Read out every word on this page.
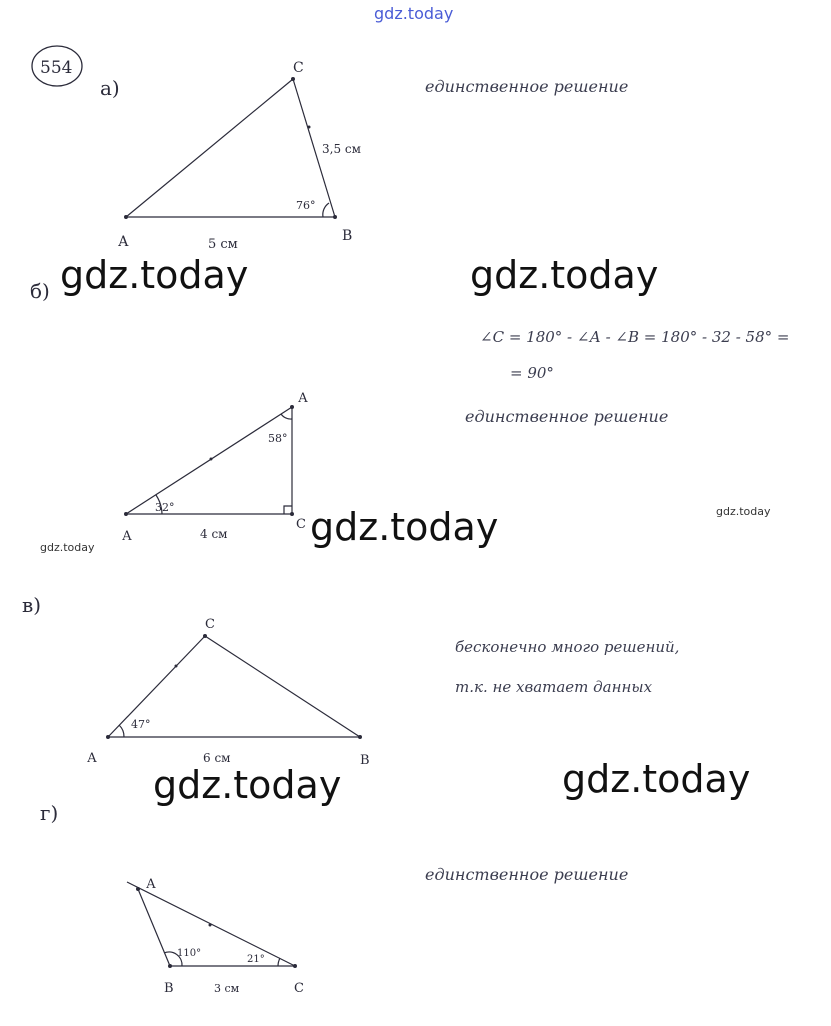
gdz.today
554
а)
А	В
С
5 см
3,5 см
76°
единственное решение
б)
А
А
С
4 см
32°
58°
∠С = 180° - ∠А - ∠В = 180° - 32 - 58° =
= 90°
единственное решение
в)
С
А	В
6 см
47°
бесконечно много решений,
т.к. не хватает данных
г)
А
В	С
3 см
110°
21°
единственное решение
gdz.today	gdz.today
gdz.today	gdz.today
gdz.today
gdz.today	gdz.today
